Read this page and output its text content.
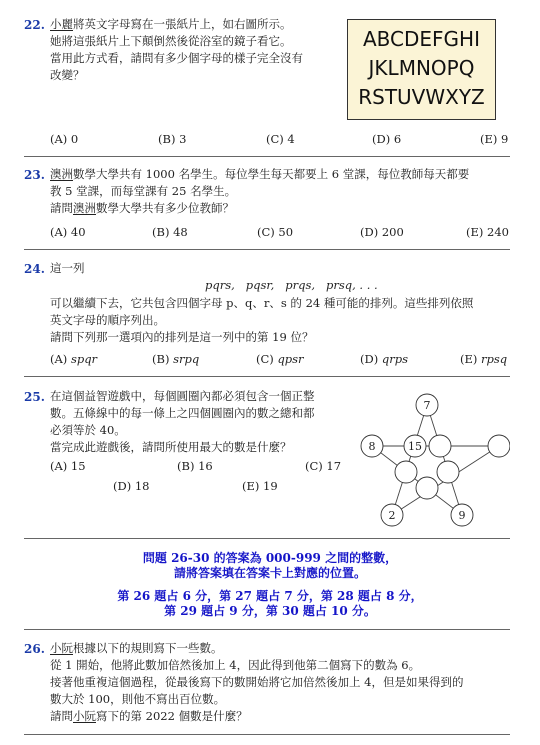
22. 小麗將英文字母寫在一張紙片上，如右圖所示。
她將這張紙片上下顛倒然後從浴室的鏡子看它。
當用此方式看，請問有多少個字母的樣子完全沒有
改變？
ABCDEFGHI
JKLMNOPQ
RSTUVWXYZ
(A) 0	(B) 3	(C) 4	(D) 6	(E) 9
23. 澳洲數學大學共有 1000 名學生。每位學生每天都要上 6 堂課，每位教師每天都要
教 5 堂課，而每堂課有 25 名學生。
請問澳洲數學大學共有多少位教師？
(A) 40	(B) 48	(C) 50	(D) 200	(E) 240
24. 這一列
pqrs,   pqsr,   prqs,   prsq, . . .
可以繼續下去，它共包含四個字母 p、q、r、s 的 24 種可能的排列。這些排列依照
英文字母的順序列出。
請問下列那一選項內的排列是這一列中的第 19 位？
(A) spqr	(B) srpq	(C) qpsr	(D) qrps	(E) rpsq
25. 在這個益智遊戲中，每個圓圈內都必須包含一個正整
數。五條線中的每一條上之四個圓圈內的數之總和都
必須等於 40。
當完成此遊戲後，請問所使用最大的數是什麼？
(A) 15	(B) 16	(C) 17
(D) 18	(E) 19
7
8	15
2	9
問題 26-30 的答案為 000-999 之間的整數，
請將答案填在答案卡上對應的位置。
第 26 題占 6 分，第 27 題占 7 分，第 28 題占 8 分，
第 29 題占 9 分，第 30 題占 10 分。
26. 小阮根據以下的規則寫下一些數。
從 1 開始，他將此數加倍然後加上 4，因此得到他第二個寫下的數為 6。
接著他重複這個過程，從最後寫下的數開始將它加倍然後加上 4，但是如果得到的
數大於 100，則他不寫出百位數。
請問小阮寫下的第 2022 個數是什麼？
